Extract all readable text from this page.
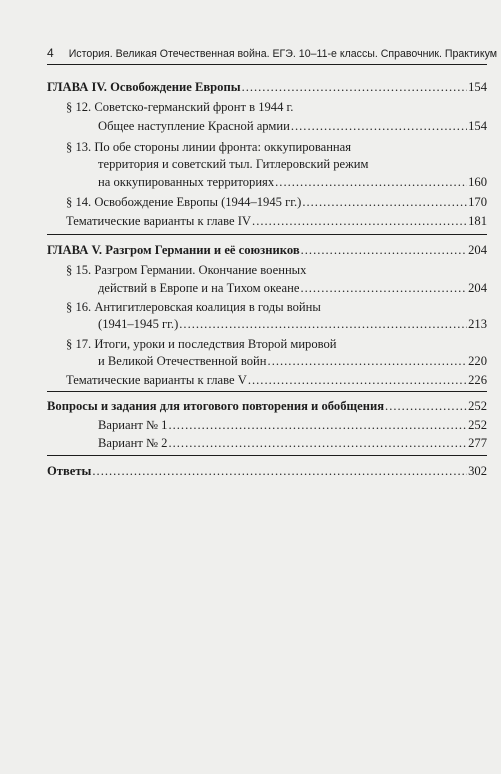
4 История. Великая Отечественная война. ЕГЭ. 10–11-е классы. Справочник. Практикум
ГЛАВА IV. Освобождение Европы .....	154
§ 12. Советско-германский фронт в 1944 г.
Общее наступление Красной армии .....	154
§ 13. По обе стороны линии фронта: оккупированная
территория и советский тыл. Гитлеровский режим
на оккупированных территориях .....	160
§ 14. Освобождение Европы (1944–1945 гг.) .....	170
Тематические варианты к главе IV .....	181
ГЛАВА V. Разгром Германии и её союзников .....	204
§ 15. Разгром Германии. Окончание военных
действий в Европе и на Тихом океане .....	204
§ 16. Антигитлеровская коалиция в годы войны
(1941–1945 гг.) .....	213
§ 17. Итоги, уроки и последствия Второй мировой
и Великой Отечественной войн .....	220
Тематические варианты к главе V .....	226
Вопросы и задания для итогового повторения и обобщения .....	252
Вариант № 1 .....	252
Вариант № 2 .....	277
Ответы .....	302
